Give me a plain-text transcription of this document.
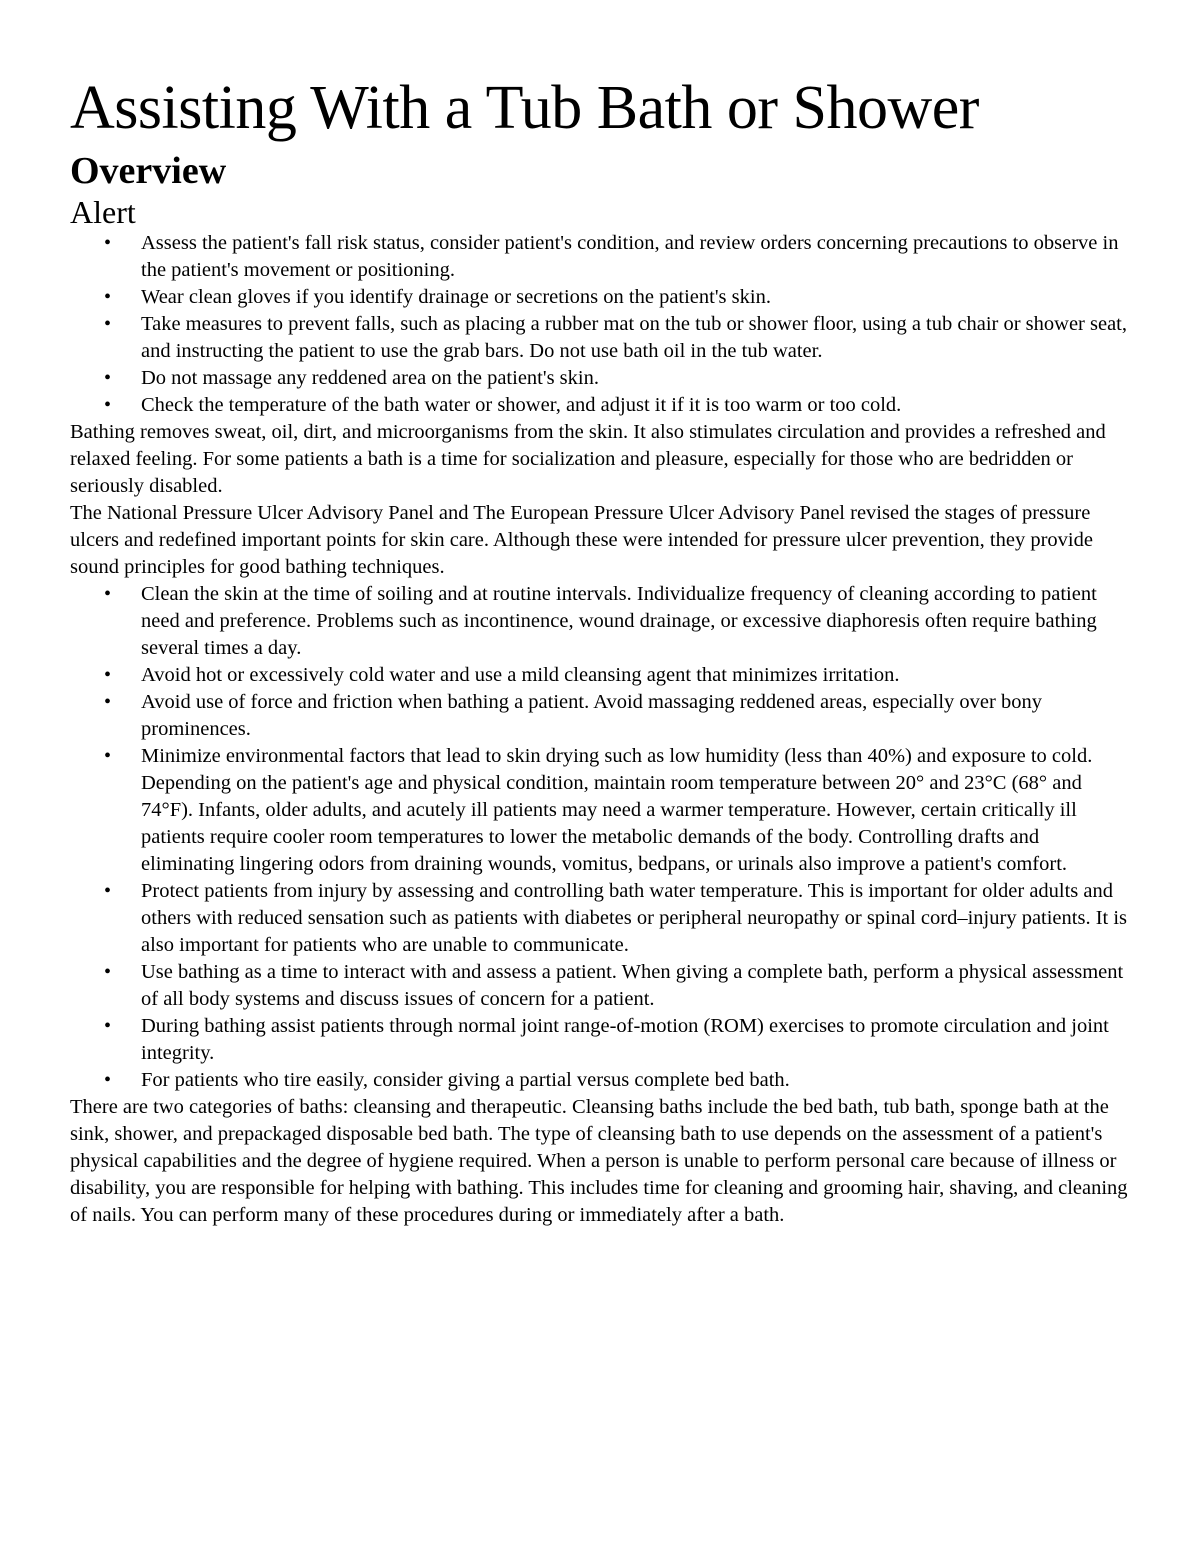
Assisting With a Tub Bath or Shower
Overview
Alert
• Assess the patient's fall risk status, consider patient's condition, and review orders concerning precautions to observe in the patient's movement or positioning.
• Wear clean gloves if you identify drainage or secretions on the patient's skin.
• Take measures to prevent falls, such as placing a rubber mat on the tub or shower floor, using a tub chair or shower seat, and instructing the patient to use the grab bars. Do not use bath oil in the tub water.
• Do not massage any reddened area on the patient's skin.
• Check the temperature of the bath water or shower, and adjust it if it is too warm or too cold.

Bathing removes sweat, oil, dirt, and microorganisms from the skin. It also stimulates circulation and provides a refreshed and relaxed feeling. For some patients a bath is a time for socialization and pleasure, especially for those who are bedridden or seriously disabled.

The National Pressure Ulcer Advisory Panel and The European Pressure Ulcer Advisory Panel revised the stages of pressure ulcers and redefined important points for skin care. Although these were intended for pressure ulcer prevention, they provide sound principles for good bathing techniques.

• Clean the skin at the time of soiling and at routine intervals. Individualize frequency of cleaning according to patient need and preference. Problems such as incontinence, wound drainage, or excessive diaphoresis often require bathing several times a day.
• Avoid hot or excessively cold water and use a mild cleansing agent that minimizes irritation.
• Avoid use of force and friction when bathing a patient. Avoid massaging reddened areas, especially over bony prominences.
• Minimize environmental factors that lead to skin drying such as low humidity (less than 40%) and exposure to cold. Depending on the patient's age and physical condition, maintain room temperature between 20° and 23°C (68° and 74°F). Infants, older adults, and acutely ill patients may need a warmer temperature. However, certain critically ill patients require cooler room temperatures to lower the metabolic demands of the body. Controlling drafts and eliminating lingering odors from draining wounds, vomitus, bedpans, or urinals also improve a patient's comfort.
• Protect patients from injury by assessing and controlling bath water temperature. This is important for older adults and others with reduced sensation such as patients with diabetes or peripheral neuropathy or spinal cord–injury patients. It is also important for patients who are unable to communicate.
• Use bathing as a time to interact with and assess a patient. When giving a complete bath, perform a physical assessment of all body systems and discuss issues of concern for a patient.
• During bathing assist patients through normal joint range-of-motion (ROM) exercises to promote circulation and joint integrity.
• For patients who tire easily, consider giving a partial versus complete bed bath.

There are two categories of baths: cleansing and therapeutic. Cleansing baths include the bed bath, tub bath, sponge bath at the sink, shower, and prepackaged disposable bed bath. The type of cleansing bath to use depends on the assessment of a patient's physical capabilities and the degree of hygiene required. When a person is unable to perform personal care because of illness or disability, you are responsible for helping with bathing. This includes time for cleaning and grooming hair, shaving, and cleaning of nails. You can perform many of these procedures during or immediately after a bath.
